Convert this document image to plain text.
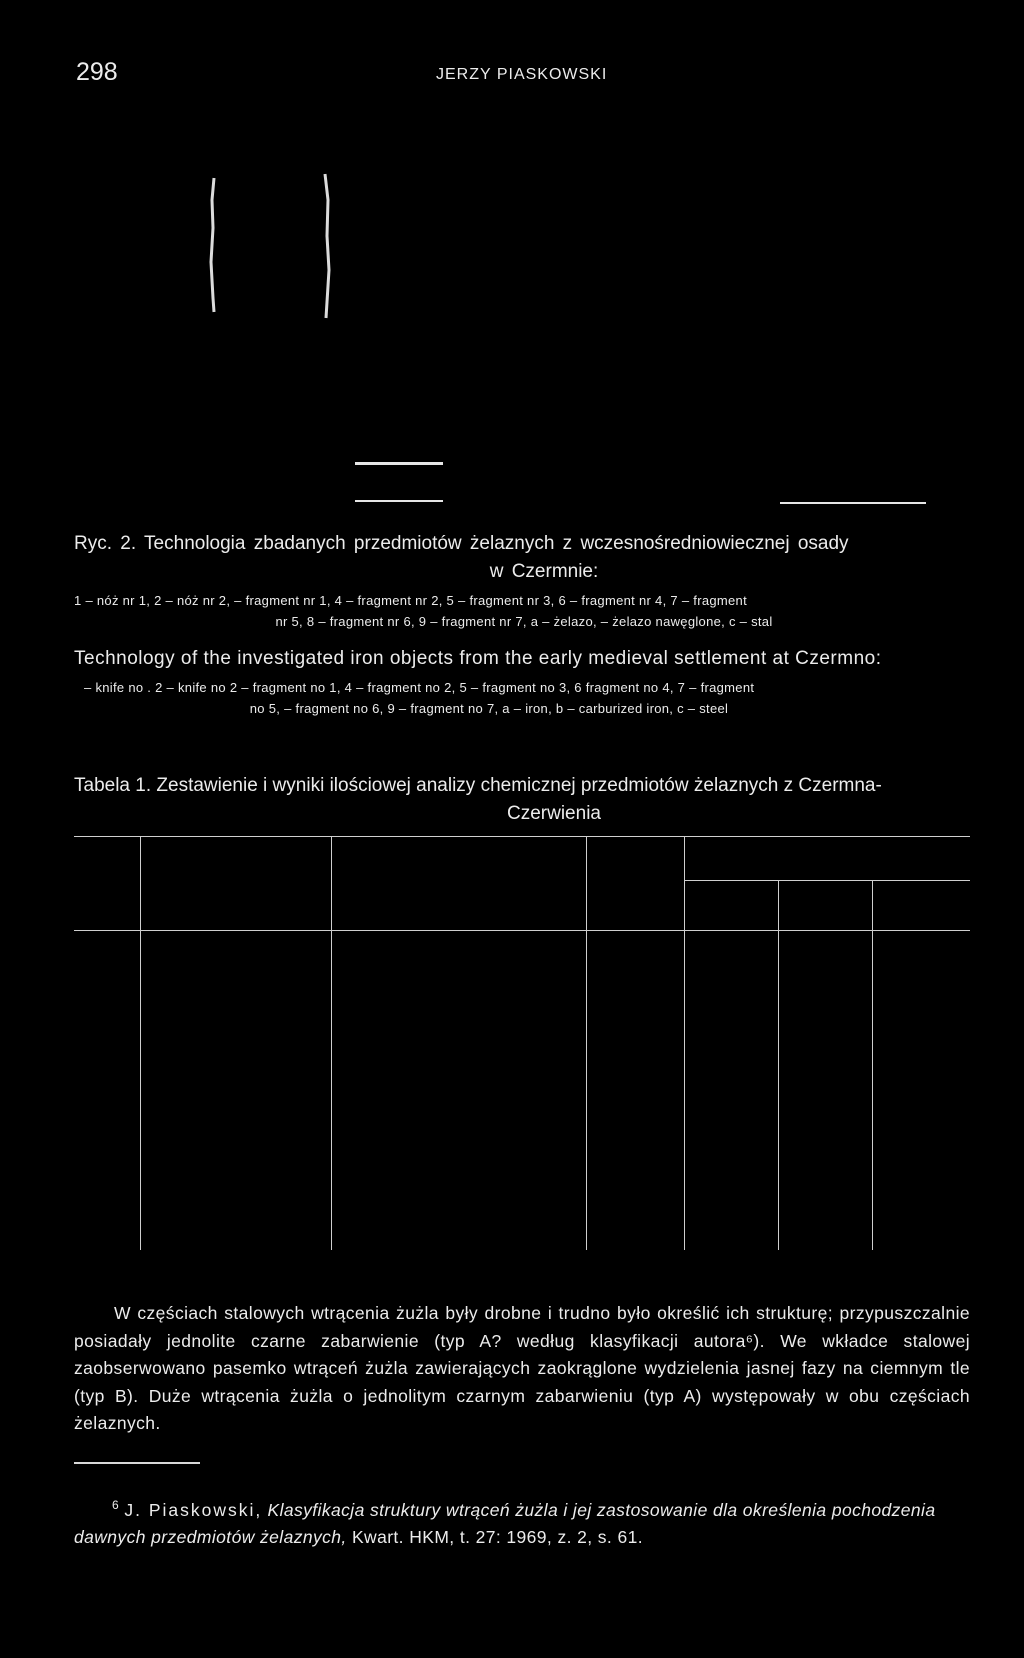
298	JERZY PIASKOWSKI
Ryc. 2. Technologia zbadanych przedmiotów żelaznych z wczesnośredniowiecznej osady
w Czermnie:
1 – nóż nr 1, 2 – nóż nr 2, – fragment nr 1, 4 – fragment nr 2, 5 – fragment nr 3, 6 – fragment nr 4, 7 – fragment
nr 5, 8 – fragment nr 6, 9 – fragment nr 7, a – żelazo, – żelazo nawęglone, c – stal
Technology of the investigated iron objects from the early medieval settlement at Czermno:
– knife no . 2 – knife no 2 – fragment no 1, 4 – fragment no 2, 5 – fragment no 3, 6 fragment no 4, 7 – fragment
no 5, – fragment no 6, 9 – fragment no 7, a – iron, b – carburized iron, c – steel
Tabela 1. Zestawienie i wyniki ilościowej analizy chemicznej przedmiotów żelaznych z Czermna-
Czerwienia

W częściach stalowych wtrącenia żużla były drobne i trudno było określić ich strukturę; przypuszczalnie posiadały jednolite czarne zabarwienie (typ A? według klasyfikacji autora⁶). We wkładce stalowej zaobserwowano pasemko wtrąceń żużla zawierających zaokrąglone wydzielenia jasnej fazy na ciemnym tle (typ B). Duże wtrącenia żużla o jednolitym czarnym zabarwieniu (typ A) występowały w obu częściach żelaznych.

$^6$ J. Piaskowski, Klasyfikacja struktury wtrąceń żużla i jej zastosowanie dla określenia pochodzenia dawnych przedmiotów żelaznych, Kwart. HKM, t. 27: 1969, z. 2, s. 61.
